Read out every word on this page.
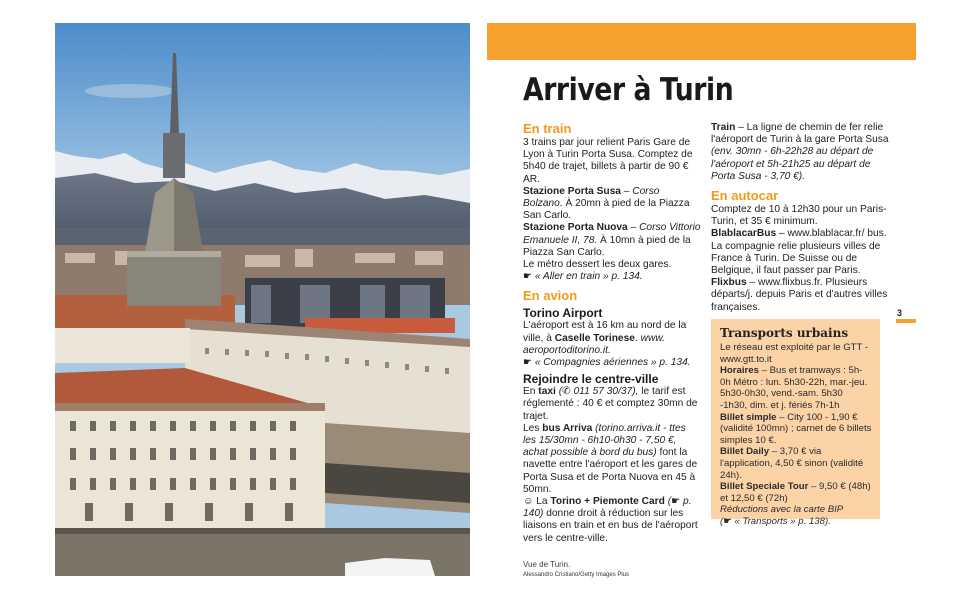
Arriver à Turin
En train

3 trains par jour relient Paris Gare de Lyon à Turin Porta Susa. Comptez de 5h40 de trajet, billets à partir de 90 € AR.

Stazione Porta Susa – Corso Bolzano. À 20mn à pied de la Piazza San Carlo.

Stazione Porta Nuova – Corso Vittorio Emanuele II, 78. À 10mn à pied de la Piazza San Carlo.

Le métro dessert les deux gares.

☛ « Aller en train » p. 134.

En avion
Torino Airport

L'aéroport est à 16 km au nord de la ville, à Caselle Torinese. www. aeroportoditorino.it.

☛ « Compagnies aériennes » p. 134.

Rejoindre le centre-ville

En taxi (✆ 011 57 30/37), le tarif est réglementé : 40 € et comptez 30mn de trajet.

Les bus Arriva (torino.arriva.it - ttes les 15/30mn - 6h10-0h30 - 7,50 €, achat possible à bord du bus) font la navette entre l'aéroport et les gares de Porta Susa et de Porta Nuova en 45 à 50mn.

☺ La Torino + Piemonte Card (☛ p. 140) donne droit à réduction sur les liaisons en train et en bus de l'aéroport vers le centre-ville.

Train – La ligne de chemin de fer relie l'aéroport de Turin à la gare Porta Susa (env. 30mn - 6h-22h28 au départ de l'aéroport et 5h-21h25 au départ de Porta Susa - 3,70 €).

En autocar

Comptez de 10 à 12h30 pour un Paris-Turin, et 35 € minimum.

BlablacarBus – www.blablacar.fr/ bus. La compagnie relie plusieurs villes de France à Turin. De Suisse ou de Belgique, il faut passer par Paris.

Flixbus – www.flixbus.fr. Plusieurs départs/j. depuis Paris et d'autres villes françaises.

Transports urbains

Le réseau est exploité par le GTT - www.gtt.to.it

Horaires – Bus et tramways : 5h-0h Métro : lun. 5h30-22h, mar.-jeu. 5h30-0h30, vend.-sam. 5h30 -1h30, dim. et j. fériés 7h-1h

Billet simple – City 100 - 1,90 € (validité 100mn) ; carnet de 6 billets simples 10 €.

Billet Daily – 3,70 € via l'application, 4,50 € sinon (validité 24h).

Billet Speciale Tour – 9,50 € (48h) et 12,50 € (72h)

Réductions avec la carte BIP

(☛ « Transports » p. 138).

3
Vue de Turin.
Alessandro Cristiano/Getty Images Plus
